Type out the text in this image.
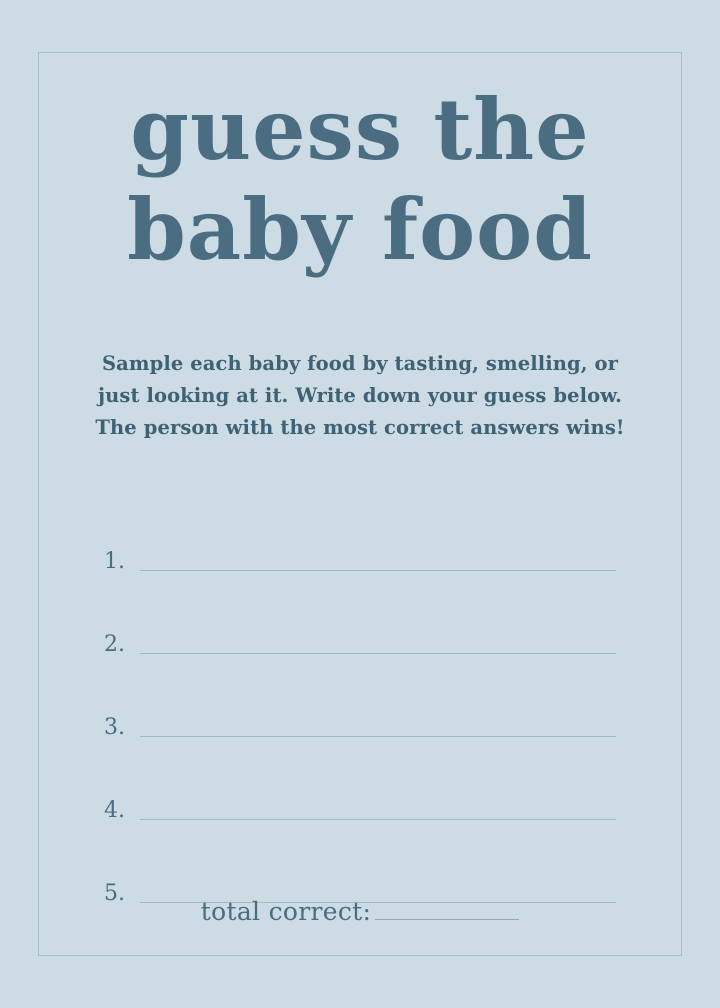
guess the
baby food
Sample each baby food by tasting, smelling, or just looking at it. Write down your guess below. The person with the most correct answers wins!
1.
2.
3.
4.
5.
total correct:
